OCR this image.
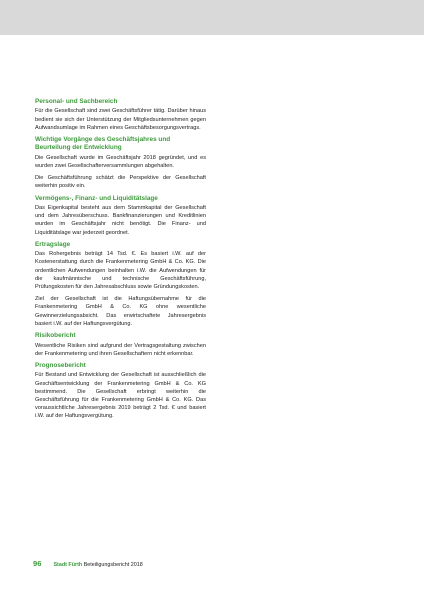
Personal- und Sachbereich

Für die Gesellschaft sind zwei Geschäftsführer tätig. Darüber hinaus bedient sie sich der Unterstützung der Mitgliedsunternehmen gegen Aufwandsumlage im Rahmen eines Geschäftsbesorgungsvertrags.

Wichtige Vorgänge des Geschäftsjahres und Beurteilung der Entwicklung

Die Gesellschaft wurde im Geschäftsjahr 2018 gegründet, und es wurden zwei Gesellschafterversammlungen abgehalten.

Die Geschäftsführung schätzt die Perspektive der Gesellschaft weiterhin positiv ein.

Vermögens-, Finanz- und Liquiditätslage

Das Eigenkapital besteht aus dem Stammkapital der Gesellschaft und dem Jahresüberschuss. Bankfinanzierungen und Kreditlinien wurden im Geschäftsjahr nicht benötigt. Die Finanz- und Liquiditätslage war jederzeit geordnet.

Ertragslage

Das Rohergebnis beträgt 14 Tsd. €. Es basiert i.W. auf der Kostenerstattung durch die Frankenmetering GmbH & Co. KG. Die ordentlichen Aufwendungen beinhalten i.W. die Aufwendungen für die kaufmännische und technische Geschäftsführung, Prüfungskosten für den Jahresabschluss sowie Gründungskosten.

Ziel der Gesellschaft ist die Haftungsübernahme für die Frankenmetering GmbH & Co. KG ohne wesentliche Gewinnerzielungsabsicht. Das erwirtschaftete Jahresergebnis basiert i.W. auf der Haftungsvergütung.

Risikobericht

Wesentliche Risiken sind aufgrund der Vertragsgestaltung zwischen der Frankenmetering und ihren Gesellschaftern nicht erkennbar.

Prognosebericht

Für Bestand und Entwicklung der Gesellschaft ist ausschließlich die Geschäftsentwicklung der Frankenmetering GmbH & Co. KG bestimmend. Die Gesellschaft erbringt weiterhin die Geschäftsführung für die Frankenmetering GmbH & Co. KG. Das voraussichtliche Jahresergebnis 2019 beträgt 2 Tsd. € und basiert i.W. auf der Haftungsvergütung.

96 Stadt Fürth Beteiligungsbericht 2018
